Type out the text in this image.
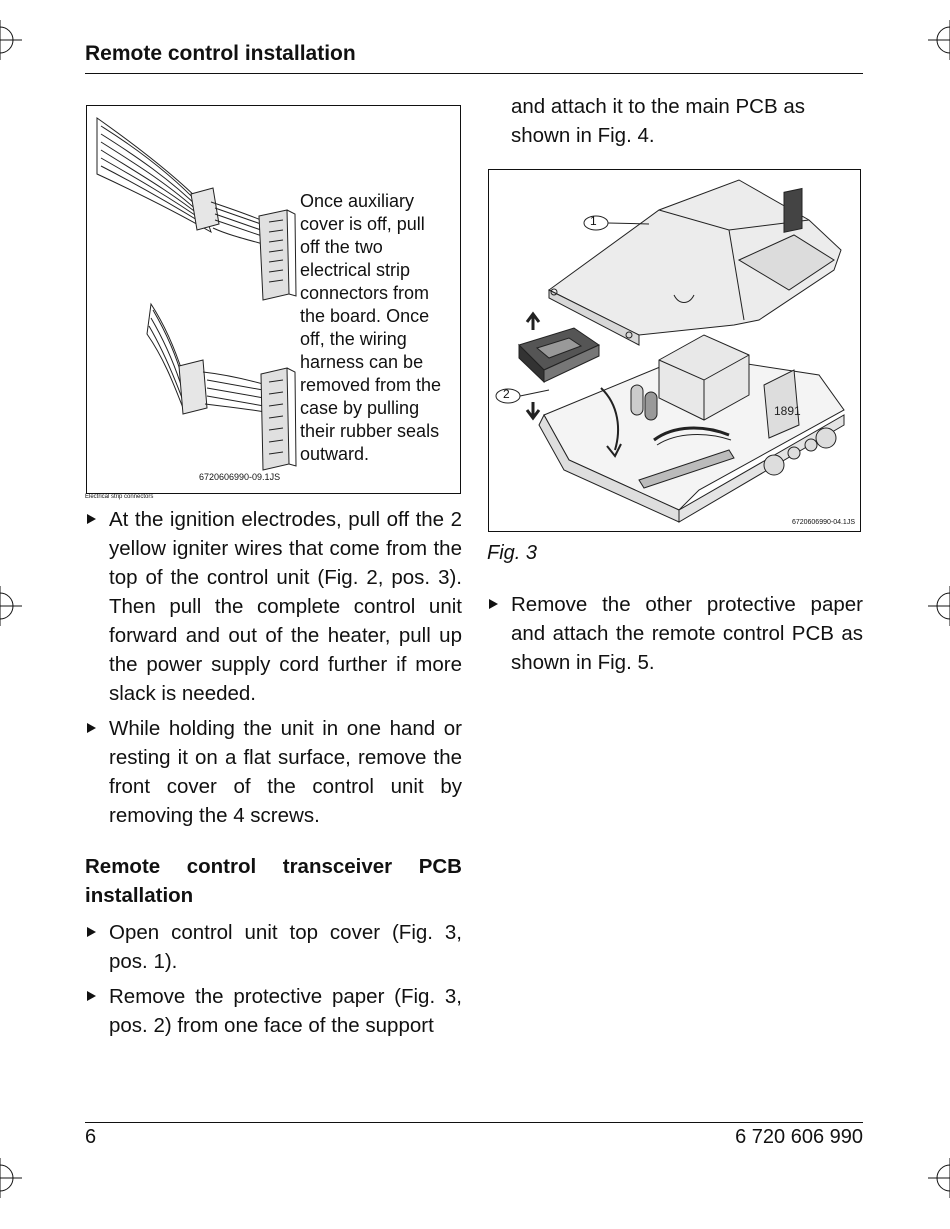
Remote control installation
Once auxiliary
cover is off, pull
off the two
electrical strip
connectors from
the board. Once
off, the wiring
harness can be
removed from the
case by pulling
their rubber seals
outward.
6720606990-09.1JS
Electrical strip connectors

At the ignition electrodes, pull off the 2 yellow igniter wires that come from the top of the control unit (Fig. 2, pos. 3). Then pull the complete control unit forward and out of the heater, pull up the power supply cord further if more slack is needed.

While holding the unit in one hand or resting it on a flat surface, remove the front cover of the control unit by removing the 4 screws.

Remote control transceiver PCB installation

Open control unit top cover (Fig. 3, pos. 1).

Remove the protective paper (Fig. 3, pos. 2) from one face of the support

and attach it to the main PCB as shown in Fig. 4.

1891
1
2
6720606990-04.1JS
Fig. 3

Remove the other protective paper and attach the remote control PCB as shown in Fig. 5.

6	6 720 606 990
